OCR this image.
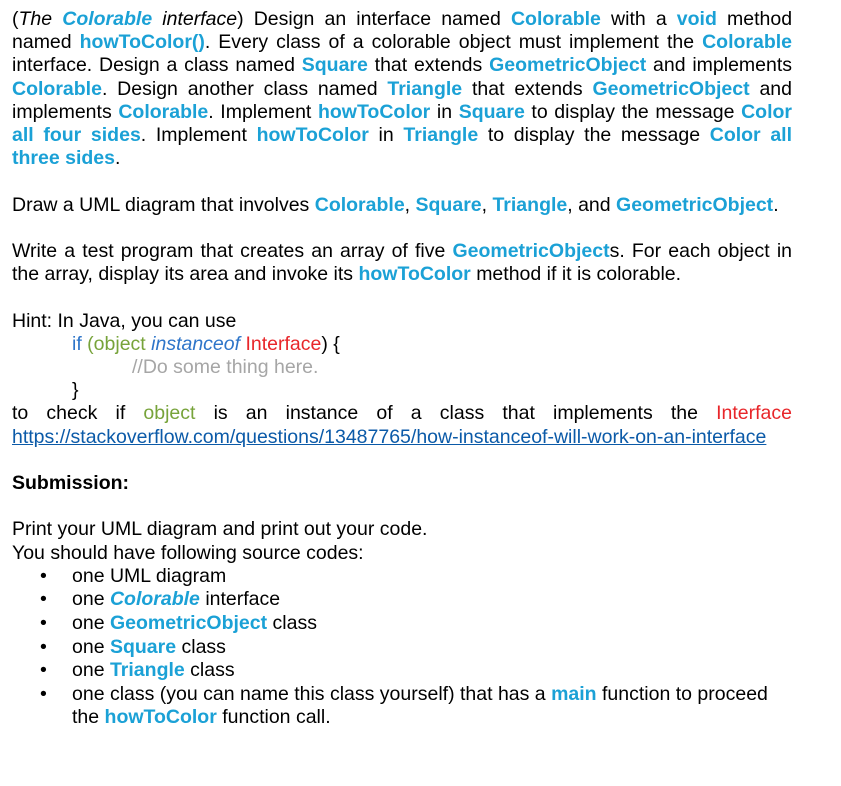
(The Colorable interface) Design an interface named Colorable with a void method named howToColor(). Every class of a colorable object must implement the Colorable interface. Design a class named Square that extends GeometricObject and implements Colorable. Design another class named Triangle that extends GeometricObject and implements Colorable. Implement howToColor in Square to display the message Color all four sides. Implement howToColor in Triangle to display the message Color all three sides.

Draw a UML diagram that involves Colorable, Square, Triangle, and GeometricObject.

Write a test program that creates an array of five GeometricObjects. For each object in the array, display its area and invoke its howToColor method if it is colorable.

Hint: In Java, you can use

if (object instanceof Interface) {

//Do some thing here.

}

to check if object is an instance of a class that implements the Interface

https://stackoverflow.com/questions/13487765/how-instanceof-will-work-on-an-interface

Submission:

Print your UML diagram and print out your code.

You should have following source codes:

• one UML diagram
• one Colorable interface
• one GeometricObject class
• one Square class
• one Triangle class
• one class (you can name this class yourself) that has a main function to proceed the howToColor function call.
